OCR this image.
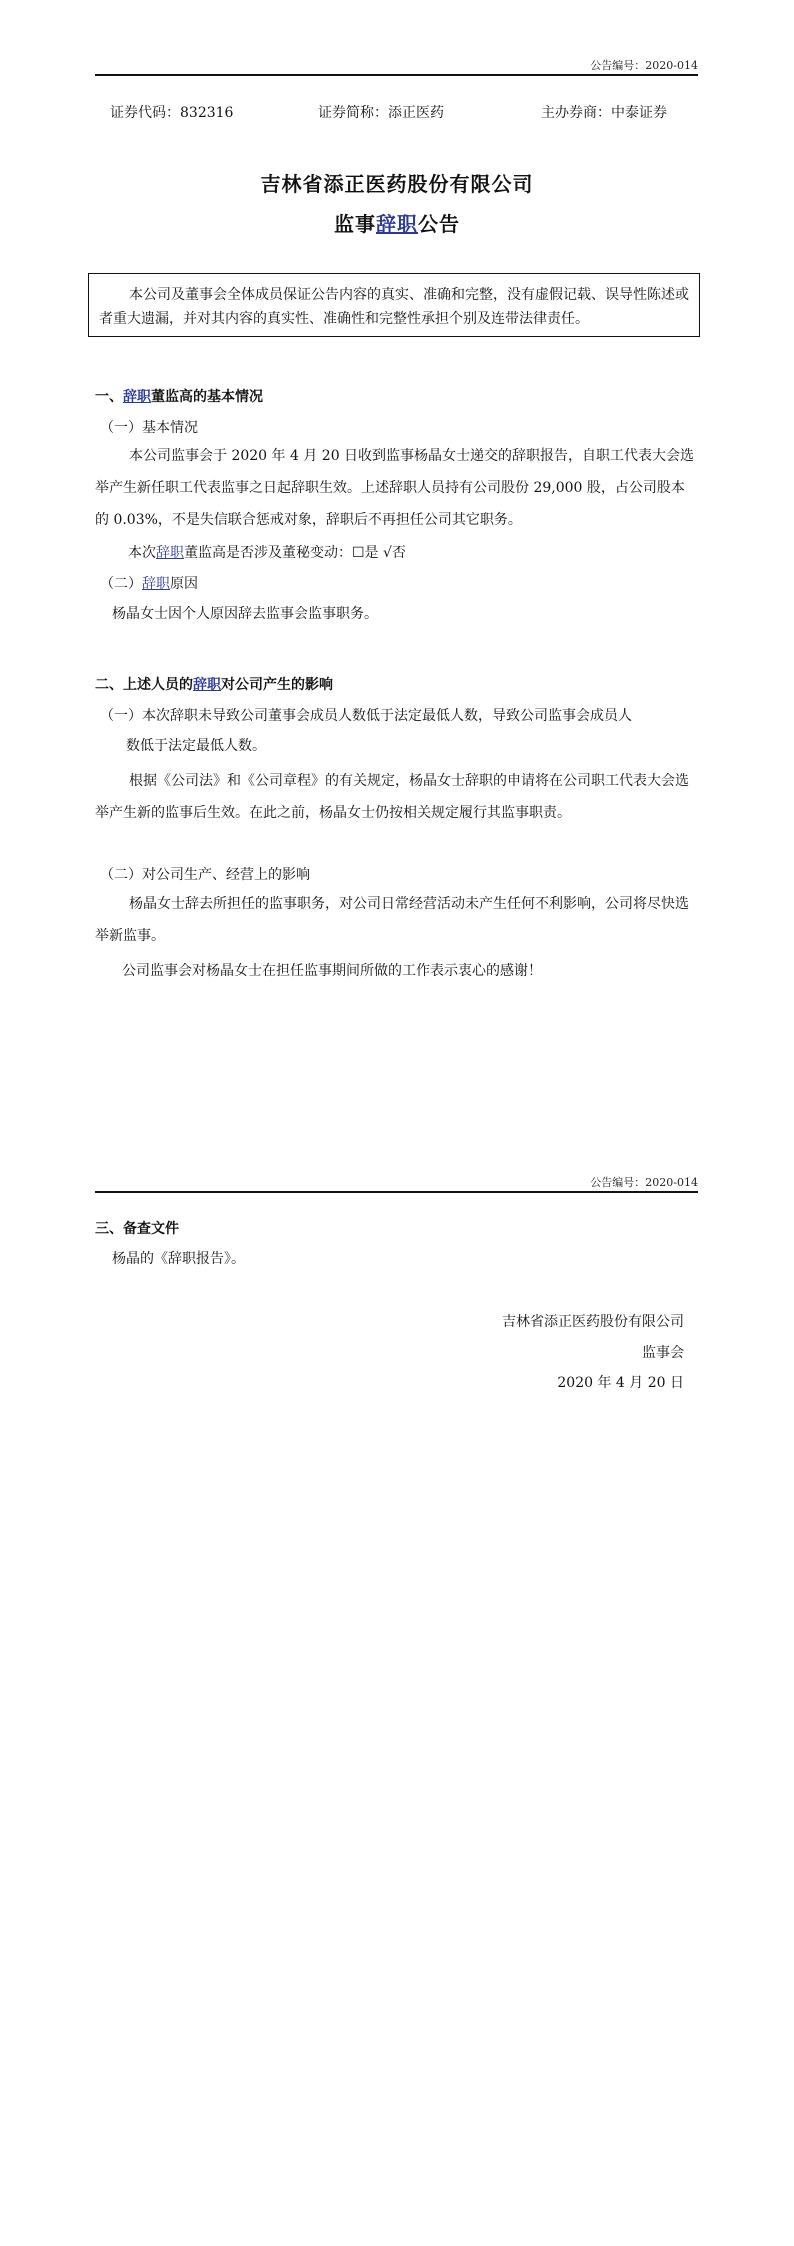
公告编号：2020-014
证券代码：832316	证券简称：添正医药	主办券商：中泰证券
吉林省添正医药股份有限公司
监事辞职公告

本公司及董事会全体成员保证公告内容的真实、准确和完整，没有虚假记载、误导性陈述或者重大遗漏，并对其内容的真实性、准确性和完整性承担个别及连带法律责任。

一、辞职董监高的基本情况
（一）基本情况

本公司监事会于 2020 年 4 月 20 日收到监事杨晶女士递交的辞职报告，自职工代表大会选举产生新任职工代表监事之日起辞职生效。上述辞职人员持有公司股份 29,000 股，占公司股本的 0.03%，不是失信联合惩戒对象，辞职后不再担任公司其它职务。

本次辞职董监高是否涉及董秘变动：☐是 √否
（二）辞职原因
杨晶女士因个人原因辞去监事会监事职务。
二、上述人员的辞职对公司产生的影响
（一）本次辞职未导致公司董事会成员人数低于法定最低人数，导致公司监事会成员人
数低于法定最低人数。

根据《公司法》和《公司章程》的有关规定，杨晶女士辞职的申请将在公司职工代表大会选举产生新的监事后生效。在此之前，杨晶女士仍按相关规定履行其监事职责。

（二）对公司生产、经营上的影响

杨晶女士辞去所担任的监事职务，对公司日常经营活动未产生任何不利影响，公司将尽快选举新监事。

公司监事会对杨晶女士在担任监事期间所做的工作表示衷心的感谢！
公告编号：2020-014
三、备查文件
杨晶的《辞职报告》。
吉林省添正医药股份有限公司
监事会
2020 年 4 月 20 日
